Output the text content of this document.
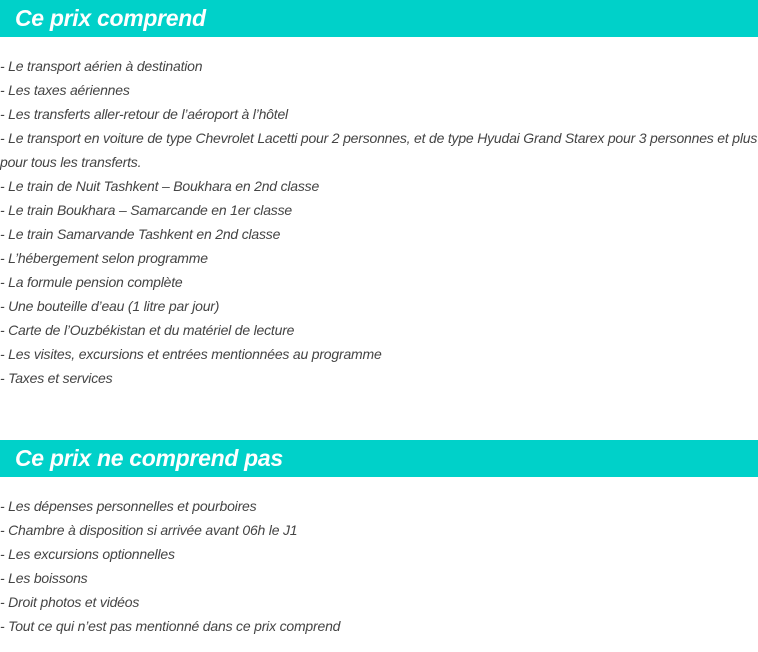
Ce prix comprend
- Le transport aérien à destination
- Les taxes aériennes
- Les transferts aller-retour de l’aéroport à l’hôtel
- Le transport en voiture de type Chevrolet Lacetti pour 2 personnes, et de type Hyudai Grand Starex pour 3 personnes et plus pour tous les transferts.
- Le train de Nuit Tashkent – Boukhara en 2nd classe
- Le train Boukhara – Samarcande en 1er classe
- Le train Samarvande Tashkent en 2nd classe
- L’hébergement selon programme
- La formule pension complète
- Une bouteille d’eau (1 litre par jour)
- Carte de l’Ouzbékistan et du matériel de lecture
- Les visites, excursions et entrées mentionnées au programme
- Taxes et services
Ce prix ne comprend pas
- Les dépenses personnelles et pourboires
- Chambre à disposition si arrivée avant 06h le J1
- Les excursions optionnelles
- Les boissons
- Droit photos et vidéos
- Tout ce qui n’est pas mentionné dans ce prix comprend
